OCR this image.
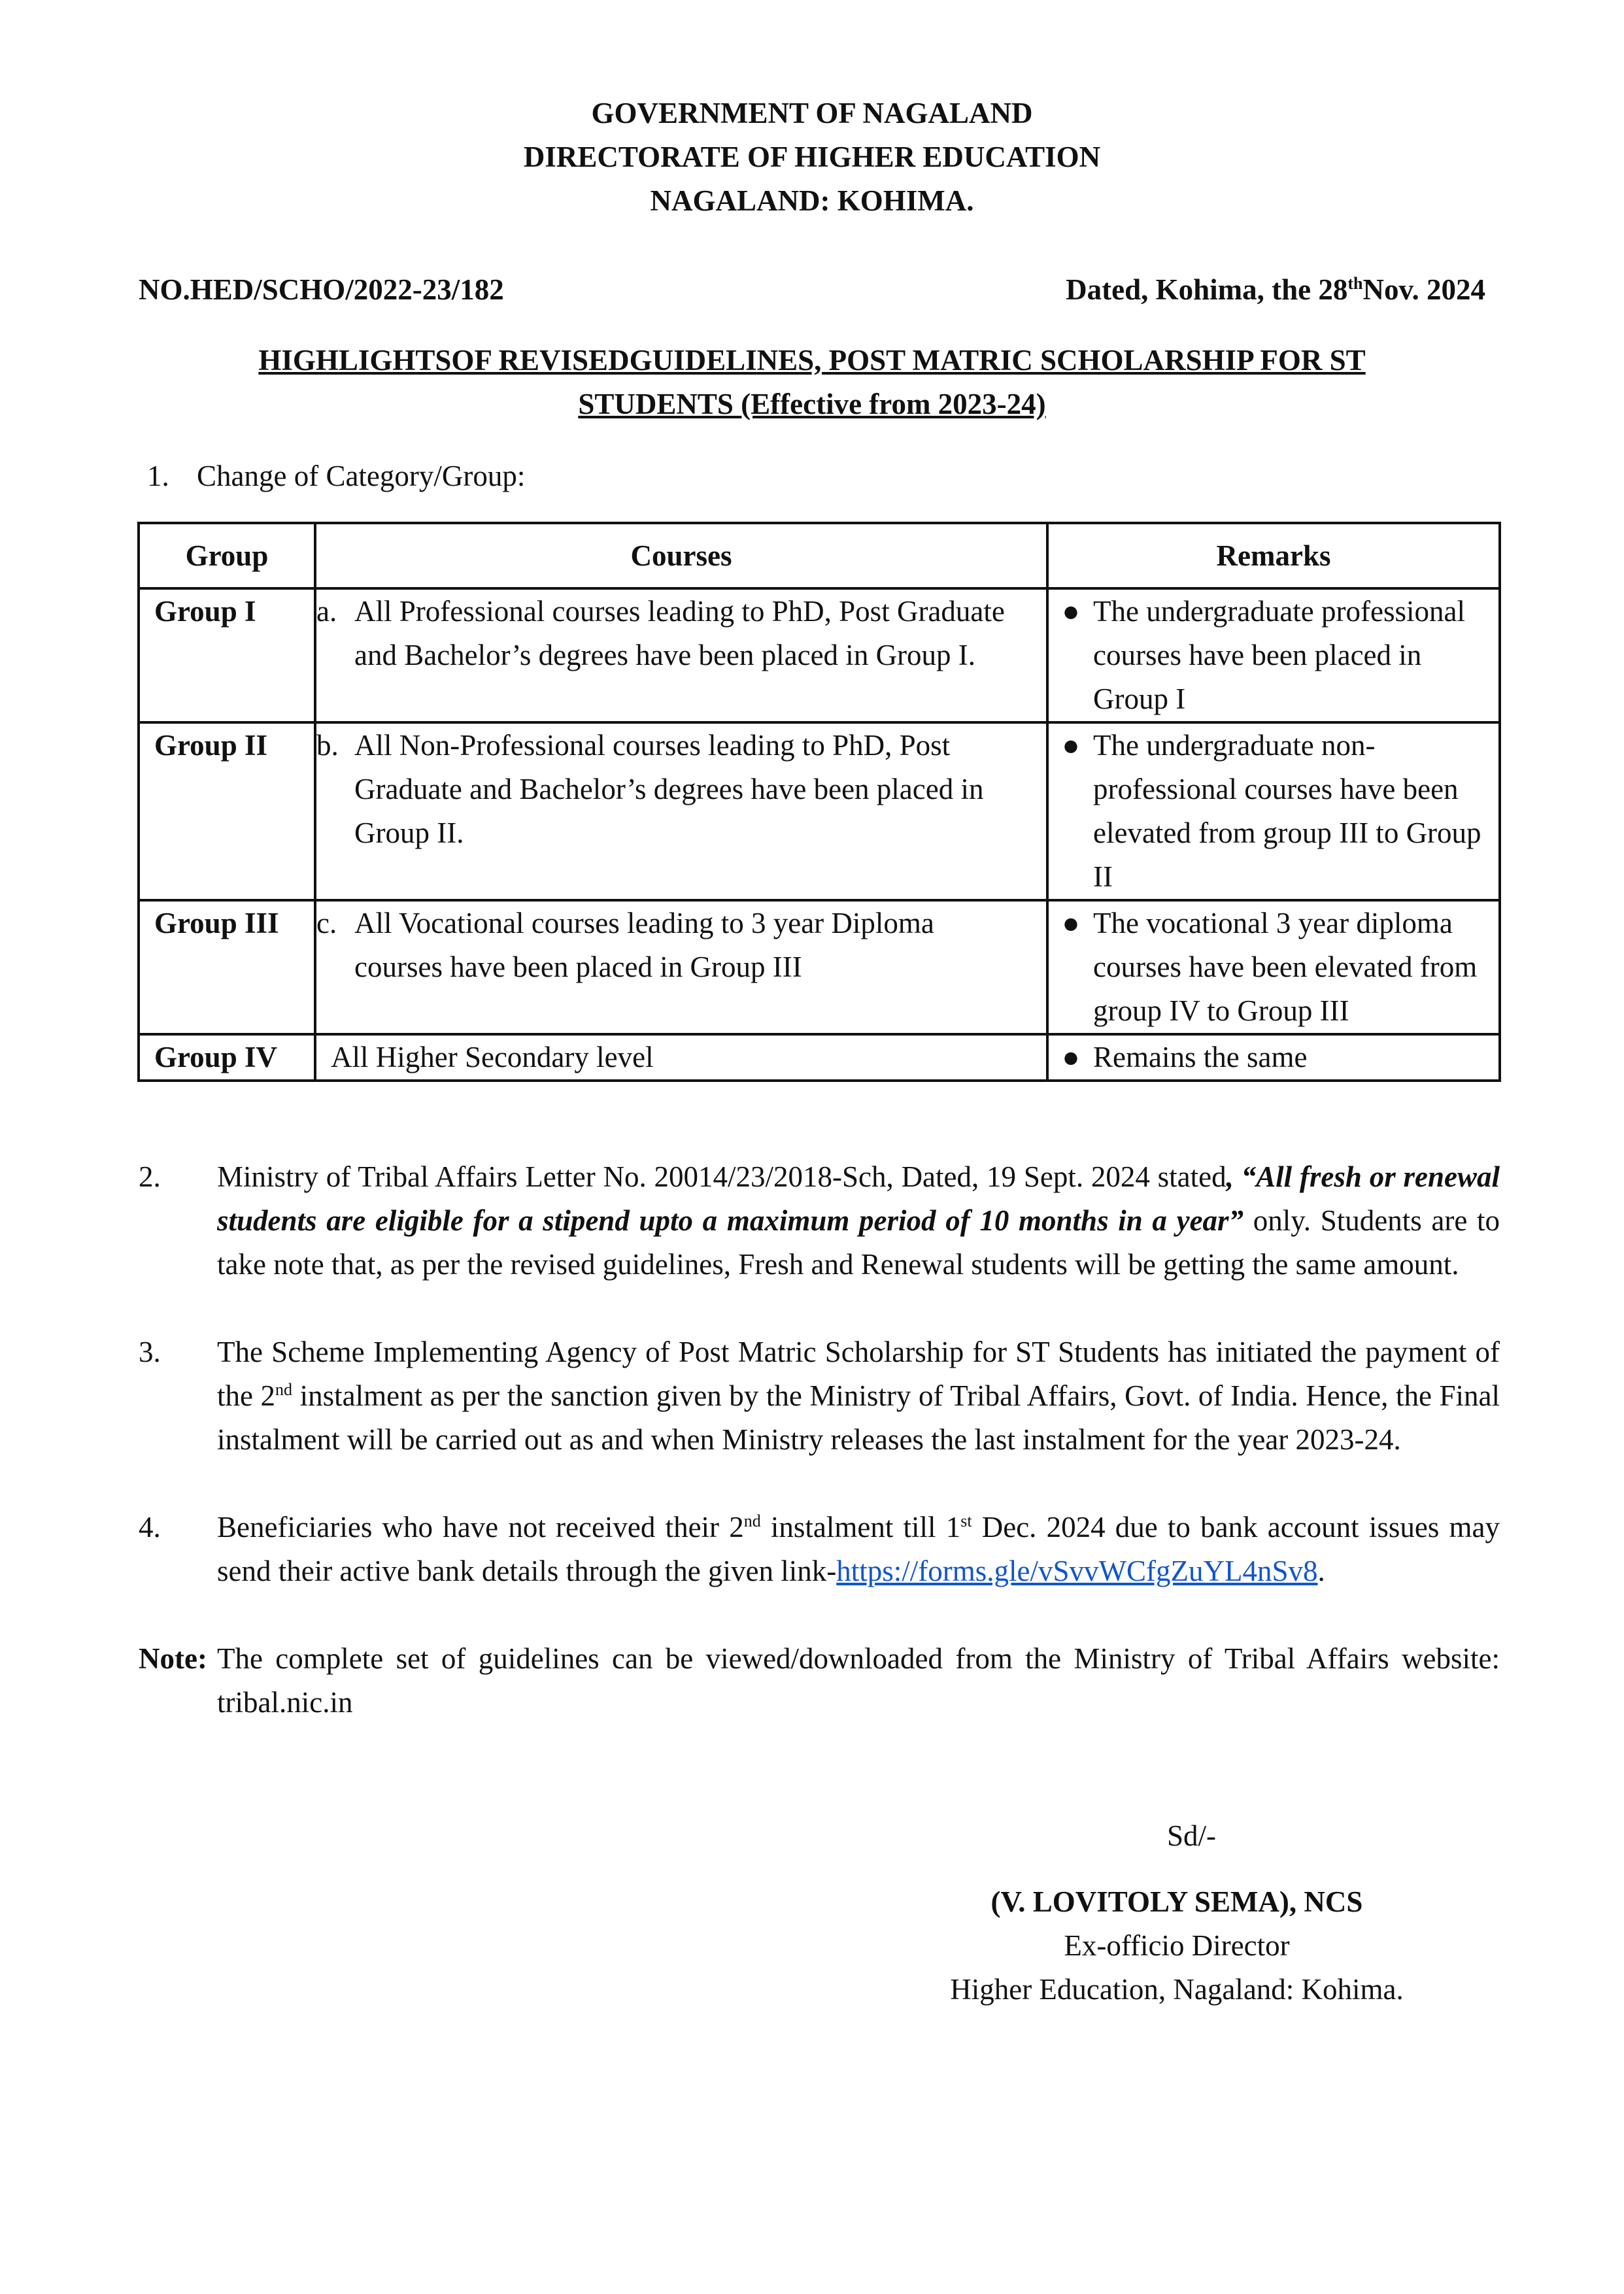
GOVERNMENT OF NAGALAND
DIRECTORATE OF HIGHER EDUCATION
NAGALAND: KOHIMA.
NO.HED/SCHO/2022-23/182	Dated, Kohima, the 28thNov. 2024
HIGHLIGHTSOF REVISEDGUIDELINES, POST MATRIC SCHOLARSHIP FOR ST
STUDENTS (Effective from 2023-24)
1. Change of Category/Group:
Group	Courses	Remarks
Group I	a. All Professional courses leading to PhD, Post Graduate and Bachelor’s degrees have been placed in Group I.	● The undergraduate professional courses have been placed in Group I

Group II	b. All Non-Professional courses leading to PhD, Post Graduate and Bachelor’s degrees have been placed in Group II.	● The undergraduate non-professional courses have been elevated from group III to Group II

Group III	c. All Vocational courses leading to 3 year Diploma courses have been placed in Group III	● The vocational 3 year diploma courses have been elevated from group IV to Group III

Group IV	All Higher Secondary level	● Remains the same
2. Ministry of Tribal Affairs Letter No. 20014/23/2018-Sch, Dated, 19 Sept. 2024 stated, “All fresh or renewal students are eligible for a stipend upto a maximum period of 10 months in a year” only. Students are to take note that, as per the revised guidelines, Fresh and Renewal students will be getting the same amount.
3. The Scheme Implementing Agency of Post Matric Scholarship for ST Students has initiated the payment of the 2nd instalment as per the sanction given by the Ministry of Tribal Affairs, Govt. of India. Hence, the Final instalment will be carried out as and when Ministry releases the last instalment for the year 2023-24.
4. Beneficiaries who have not received their 2nd instalment till 1st Dec. 2024 due to bank account issues may send their active bank details through the given link-https://forms.gle/vSvvWCfgZuYL4nSv8.
Note: The complete set of guidelines can be viewed/downloaded from the Ministry of Tribal Affairs website: tribal.nic.in
Sd/-
(V. LOVITOLY SEMA), NCS
Ex-officio Director
Higher Education, Nagaland: Kohima.
